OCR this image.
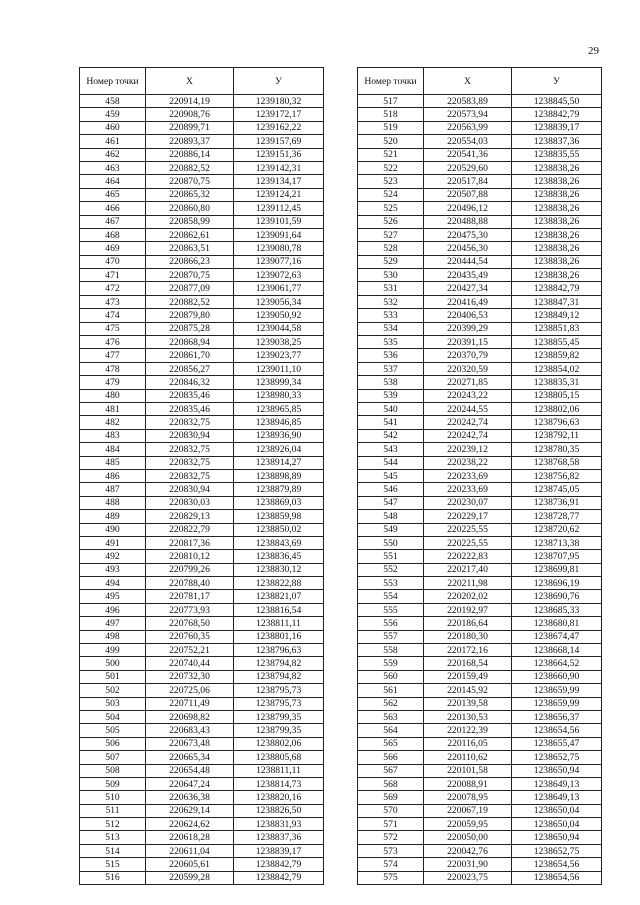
29
Номер точки	X	У
458	220914,19	1239180,32
459	220908,76	1239172,17
460	220899,71	1239162,22
461	220893,37	1239157,69
462	220886,14	1239151,36
463	220882,52	1239142,31
464	220870,75	1239134,17
465	220865,32	1239124,21
466	220860,80	1239112,45
467	220858,99	1239101,59
468	220862,61	1239091,64
469	220863,51	1239080,78
470	220866,23	1239077,16
471	220870,75	1239072,63
472	220877,09	1239061,77
473	220882,52	1239056,34
474	220879,80	1239050,92
475	220875,28	1239044,58
476	220868,94	1239038,25
477	220861,70	1239023,77
478	220856,27	1239011,10
479	220846,32	1238999,34
480	220835,46	1238980,33
481	220835,46	1238965,85
482	220832,75	1238946,85
483	220830,94	1238936,90
484	220832,75	1238926,04
485	220832,75	1238914,27
486	220832,75	1238898,89
487	220830,94	1238879,89
488	220830,03	1238869,03
489	220829,13	1238859,98
490	220822,79	1238850,02
491	220817,36	1238843,69
492	220810,12	1238836,45
493	220799,26	1238830,12
494	220788,40	1238822,88
495	220781,17	1238821,07
496	220773,93	1238816,54
497	220768,50	1238811,11
498	220760,35	1238801,16
499	220752,21	1238796,63
500	220740,44	1238794,82
501	220732,30	1238794,82
502	220725,06	1238795,73
503	220711,49	1238795,73
504	220698,82	1238799,35
505	220683,43	1238799,35
506	220673,48	1238802,06
507	220665,34	1238805,68
508	220654,48	1238811,11
509	220647,24	1238814,73
510	220636,38	1238820,16
511	220629,14	1238826,50
512	220624,62	1238831,93
513	220618,28	1238837,36
514	220611,04	1238839,17
515	220605,61	1238842,79
516	220599,28	1238842,79
Номер точки	X	У
517	220583,89	1238845,50
518	220573,94	1238842,79
519	220563,99	1238839,17
520	220554,03	1238837,36
521	220541,36	1238835,55
522	220529,60	1238838,26
523	220517,84	1238838,26
524	220507,88	1238838,26
525	220496,12	1238838,26
526	220488,88	1238838,26
527	220475,30	1238838,26
528	220456,30	1238838,26
529	220444,54	1238838,26
530	220435,49	1238838,26
531	220427,34	1238842,79
532	220416,49	1238847,31
533	220406,53	1238849,12
534	220399,29	1238851,83
535	220391,15	1238855,45
536	220370,79	1238859,82
537	220320,59	1238854,02
538	220271,85	1238835,31
539	220243,22	1238805,15
540	220244,55	1238802,06
541	220242,74	1238796,63
542	220242,74	1238792,11
543	220239,12	1238780,35
544	220238,22	1238768,58
545	220233,69	1238756,82
546	220233,69	1238745,05
547	220230,07	1238736,91
548	220229,17	1238728,77
549	220225,55	1238720,62
550	220225,55	1238713,38
551	220222,83	1238707,95
552	220217,40	1238699,81
553	220211,98	1238696,19
554	220202,02	1238690,76
555	220192,97	1238685,33
556	220186,64	1238680,81
557	220180,30	1238674,47
558	220172,16	1238668,14
559	220168,54	1238664,52
560	220159,49	1238660,90
561	220145,92	1238659,99
562	220139,58	1238659,99
563	220130,53	1238656,37
564	220122,39	1238654,56
565	220116,05	1238655,47
566	220110,62	1238652,75
567	220101,58	1238650,94
568	220088,91	1238649,13
569	220078,95	1238649,13
570	220067,19	1238650,04
571	220059,95	1238650,04
572	220050,00	1238650,94
573	220042,76	1238652,75
574	220031,90	1238654,56
575	220023,75	1238654,56
